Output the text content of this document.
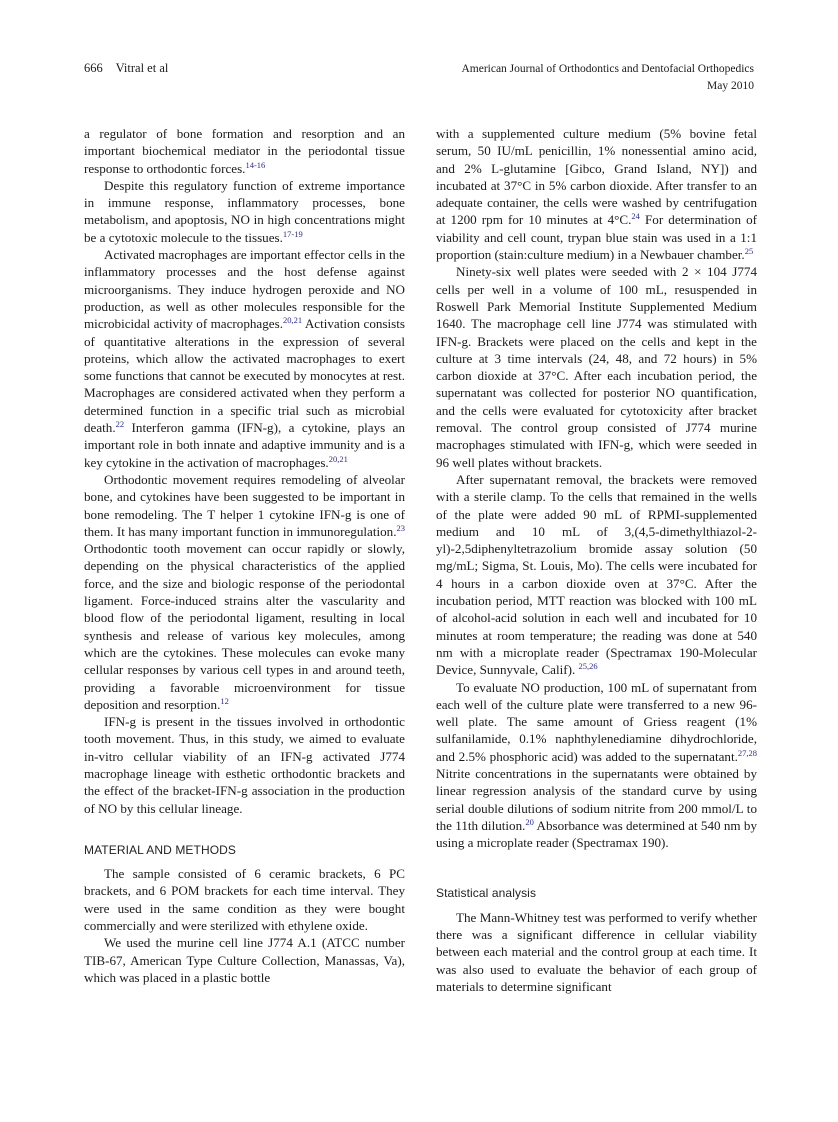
666 Vitral et al	American Journal of Orthodontics and Dentofacial Orthopedics
May 2010

a regulator of bone formation and resorption and an important biochemical mediator in the periodontal tissue response to orthodontic forces.$^{14-16}$

Despite this regulatory function of extreme importance in immune response, inflammatory processes, bone metabolism, and apoptosis, NO in high concentrations might be a cytotoxic molecule to the tissues.$^{17-19}$

Activated macrophages are important effector cells in the inflammatory processes and the host defense against microorganisms. They induce hydrogen peroxide and NO production, as well as other molecules responsible for the microbicidal activity of macrophages.$^{20,21}$ Activation consists of quantitative alterations in the expression of several proteins, which allow the activated macrophages to exert some functions that cannot be executed by monocytes at rest. Macrophages are considered activated when they perform a determined function in a specific trial such as microbial death.$^{22}$ Interferon gamma (IFN-g), a cytokine, plays an important role in both innate and adaptive immunity and is a key cytokine in the activation of macrophages.$^{20,21}$

Orthodontic movement requires remodeling of alveolar bone, and cytokines have been suggested to be important in bone remodeling. The T helper 1 cytokine IFN-g is one of them. It has many important function in immunoregulation.$^{23}$ Orthodontic tooth movement can occur rapidly or slowly, depending on the physical characteristics of the applied force, and the size and biologic response of the periodontal ligament. Force-induced strains alter the vascularity and blood flow of the periodontal ligament, resulting in local synthesis and release of various key molecules, among which are the cytokines. These molecules can evoke many cellular responses by various cell types in and around teeth, providing a favorable microenvironment for tissue deposition and resorption.$^{12}$

IFN-g is present in the tissues involved in orthodontic tooth movement. Thus, in this study, we aimed to evaluate in-vitro cellular viability of an IFN-g activated J774 macrophage lineage with esthetic orthodontic brackets and the effect of the bracket-IFN-g association in the production of NO by this cellular lineage.

MATERIAL AND METHODS

The sample consisted of 6 ceramic brackets, 6 PC brackets, and 6 POM brackets for each time interval. They were used in the same condition as they were bought commercially and were sterilized with ethylene oxide.

We used the murine cell line J774 A.1 (ATCC number TIB-67, American Type Culture Collection, Manassas, Va), which was placed in a plastic bottle

with a supplemented culture medium (5% bovine fetal serum, 50 IU/mL penicillin, 1% nonessential amino acid, and 2% L-glutamine [Gibco, Grand Island, NY]) and incubated at 37°C in 5% carbon dioxide. After transfer to an adequate container, the cells were washed by centrifugation at 1200 rpm for 10 minutes at 4°C.$^{24}$ For determination of viability and cell count, trypan blue stain was used in a 1:1 proportion (stain:culture medium) in a Newbauer chamber.$^{25}$

Ninety-six well plates were seeded with 2 × 104 J774 cells per well in a volume of 100 mL, resuspended in Roswell Park Memorial Institute Supplemented Medium 1640. The macrophage cell line J774 was stimulated with IFN-g. Brackets were placed on the cells and kept in the culture at 3 time intervals (24, 48, and 72 hours) in 5% carbon dioxide at 37°C. After each incubation period, the supernatant was collected for posterior NO quantification, and the cells were evaluated for cytotoxicity after bracket removal. The control group consisted of J774 murine macrophages stimulated with IFN-g, which were seeded in 96 well plates without brackets.

After supernatant removal, the brackets were removed with a sterile clamp. To the cells that remained in the wells of the plate were added 90 mL of RPMI-supplemented medium and 10 mL of 3,(4,5-dimethylthiazol-2-yl)-2,5diphenyltetrazolium bromide assay solution (50 mg/mL; Sigma, St. Louis, Mo). The cells were incubated for 4 hours in a carbon dioxide oven at 37°C. After the incubation period, MTT reaction was blocked with 100 mL of alcohol-acid solution in each well and incubated for 10 minutes at room temperature; the reading was done at 540 nm with a microplate reader (Spectramax 190-Molecular Device, Sunnyvale, Calif). $^{25,26}$

To evaluate NO production, 100 mL of supernatant from each well of the culture plate were transferred to a new 96-well plate. The same amount of Griess reagent (1% sulfanilamide, 0.1% naphthylenediamine dihydrochloride, and 2.5% phosphoric acid) was added to the supernatant.$^{27,28}$ Nitrite concentrations in the supernatants were obtained by linear regression analysis of the standard curve by using serial double dilutions of sodium nitrite from 200 mmol/L to the 11th dilution.$^{20}$ Absorbance was determined at 540 nm by using a microplate reader (Spectramax 190).

Statistical analysis

The Mann-Whitney test was performed to verify whether there was a significant difference in cellular viability between each material and the control group at each time. It was also used to evaluate the behavior of each group of materials to determine significant
